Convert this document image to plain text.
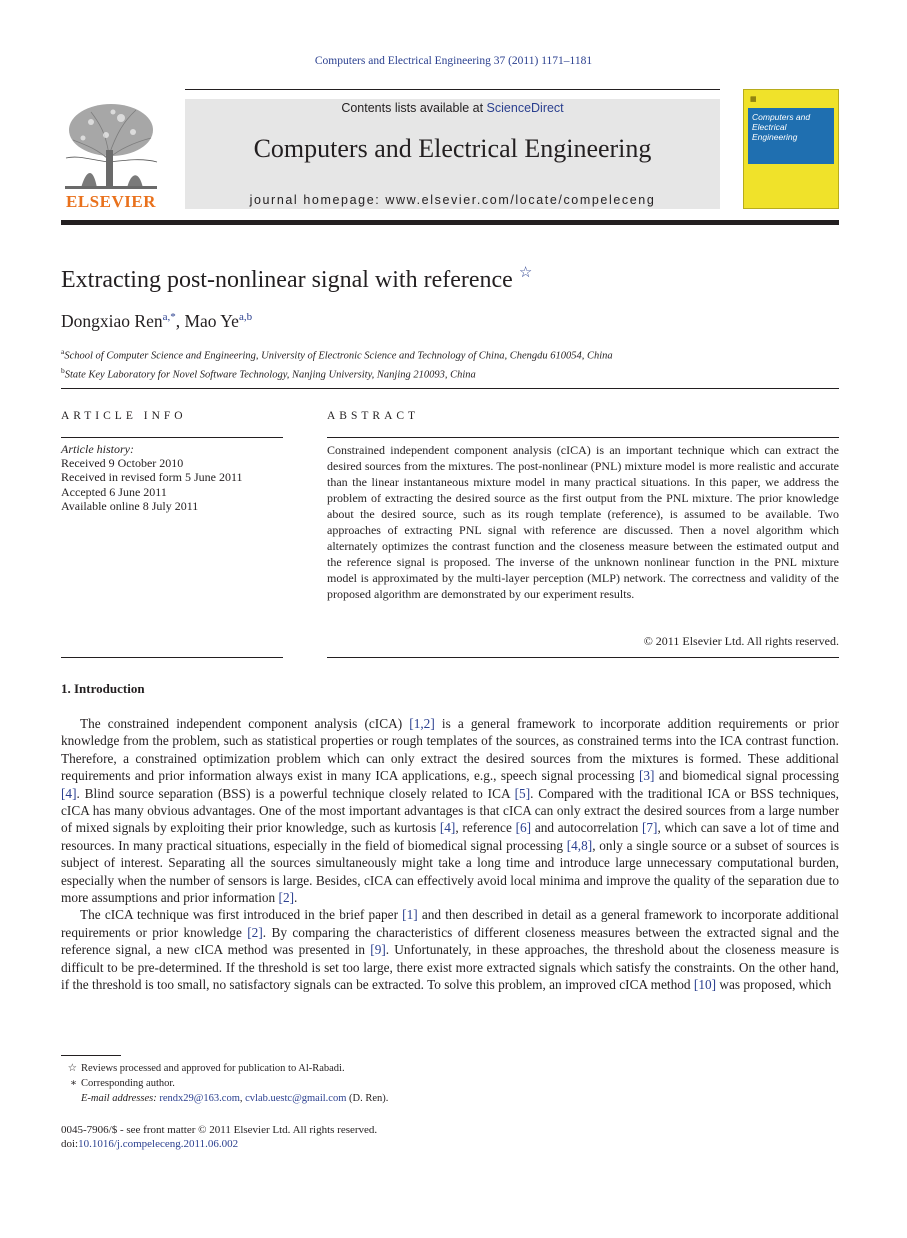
Computers and Electrical Engineering 37 (2011) 1171–1181
ELSEVIER
Contents lists available at ScienceDirect
Computers and Electrical Engineering
journal homepage: www.elsevier.com/locate/compeleceng
▦
Computers and
Electrical Engineering
Extracting post-nonlinear signal with reference ☆
Dongxiao Ren$^{a,*}$, Mao Ye$^{a,b}$
$^a$School of Computer Science and Engineering, University of Electronic Science and Technology of China, Chengdu 610054, China
$^b$State Key Laboratory for Novel Software Technology, Nanjing University, Nanjing 210093, China
ARTICLE INFO	ABSTRACT
Article history:
Received 9 October 2010
Received in revised form 5 June 2011
Accepted 6 June 2011
Available online 8 July 2011
Constrained independent component analysis (cICA) is an important technique which can extract the desired sources from the mixtures. The post-nonlinear (PNL) mixture model is more realistic and accurate than the linear instantaneous mixture model in many practical situations. In this paper, we address the problem of extracting the desired source as the first output from the PNL mixture. The prior knowledge about the desired source, such as its rough template (reference), is assumed to be available. Two approaches of extracting PNL signal with reference are discussed. Then a novel algorithm which alternately optimizes the contrast function and the closeness measure between the estimated output and the reference signal is proposed. The inverse of the unknown nonlinear function in the PNL mixture model is approximated by the multi-layer perception (MLP) network. The correctness and validity of the proposed algorithm are demonstrated by our experiment results.
© 2011 Elsevier Ltd. All rights reserved.
1. Introduction

The constrained independent component analysis (cICA) [1,2] is a general framework to incorporate addition requirements or prior knowledge from the problem, such as statistical properties or rough templates of the sources, as constrained terms into the ICA contrast function. Therefore, a constrained optimization problem which can only extract the desired sources from the mixtures is formed. These additional requirements and prior information always exist in many ICA applications, e.g., speech signal processing [3] and biomedical signal processing [4]. Blind source separation (BSS) is a powerful technique closely related to ICA [5]. Compared with the traditional ICA or BSS techniques, cICA has many obvious advantages. One of the most important advantages is that cICA can only extract the desired sources from a large number of mixed signals by exploiting their prior knowledge, such as kurtosis [4], reference [6] and autocorrelation [7], which can save a lot of time and resources. In many practical situations, especially in the field of biomedical signal processing [4,8], only a single source or a subset of sources is subject of interest. Separating all the sources simultaneously might take a long time and introduce large unnecessary computational burden, especially when the number of sensors is large. Besides, cICA can effectively avoid local minima and improve the quality of the separation due to more assumptions and prior information [2].

The cICA technique was first introduced in the brief paper [1] and then described in detail as a general framework to incorporate additional requirements or prior knowledge [2]. By comparing the characteristics of different closeness measures between the extracted signal and the reference signal, a new cICA method was presented in [9]. Unfortunately, in these approaches, the threshold about the closeness measure is difficult to be pre-determined. If the threshold is set too large, there exist more extracted signals which satisfy the constraints. On the other hand, if the threshold is too small, no satisfactory signals can be extracted. To solve this problem, an improved cICA method [10] was proposed, which

☆ Reviews processed and approved for publication to Al-Rabadi.
∗ Corresponding author.
E-mail addresses: rendx29@163.com, cvlab.uestc@gmail.com (D. Ren).
0045-7906/$ - see front matter © 2011 Elsevier Ltd. All rights reserved.
doi:10.1016/j.compeleceng.2011.06.002
